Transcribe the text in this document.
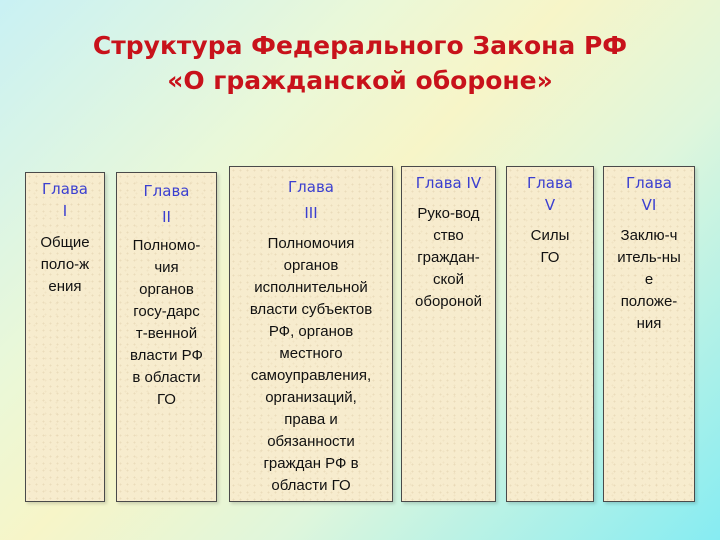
Структура Федерального Закона РФ
«О гражданской обороне»
Глава
I
Общие
поло-ж
ения
Глава
II
Полномо-
чия
органов
госу-дарс
т-венной
власти РФ
в области
ГО
Глава
III
Полномочия
органов
исполнительной
власти субъектов
РФ, органов
местного
самоуправления,
организаций,
права и
обязанности
граждан РФ в
области ГО
Глава IV
Руко-вод
ство
граждан-
ской
обороной
Глава
V
Силы
ГО
Глава
VI
Заклю-ч
итель-ны
е
положе-
ния
